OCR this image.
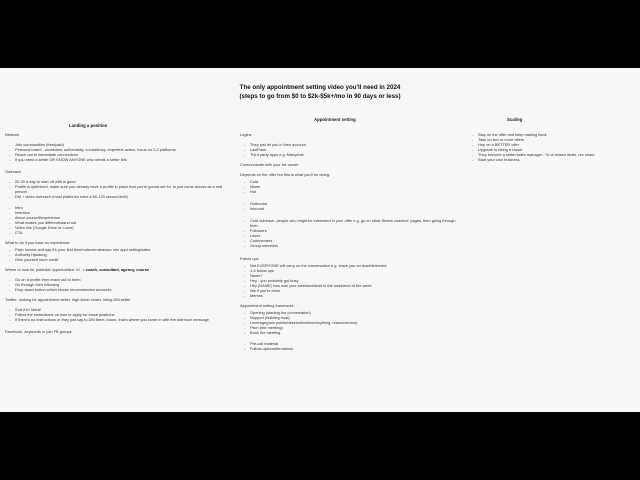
The only appointment setting video you'll need in 2024
(steps to go from $0 to $2k-$5k+/mo in 90 days or less)
Landing a position
Appointment setting	Scaling
Network
- Join communities (free/paid)
- Personal brand - worldview, authenticity, consistency, imperfect action, focus on 1-2 platforms
- Reach out to immediate connections
- If you need a setter OR KNOW ANYONE who needs a setter link
Outreach
- 20-30 a day to start off with is good
- Profile is optimized, make sure you already have a profile in place that you're gonna set for. Is just come across as a real person
- DM + video outreach (most platforms have a 60-120 second limit)
- Intro
- Intention
- About yourself/experience
- What makes you different/stand out
- Video link (Google Drive or Loom)
- CTA
What to do if you have no experience:
- Plain honest and say it's your first time/rodeo/endeavour into appt setting/sales
- Authority hijacking
- Give yourself more credit
Where to look for potential opportunities: IG -> coach, consultant, agency, course
- Go on a profile then reach out to them
- Go through their following
- Drop down button which shows recommended accounts
Twitter- looking for appointment setter, high ticket closer, hiring DM setter
- Sort it to 'latest'
- Follow the instructions on how to apply for those positions
- If there's no instructions or they just say to DM them, boom, that's where you come in with the outreach message
Facebook- keywords or join FB groups
Logins
- They just let you in their account
- LastPass
- Third party apps e.g. Manychat
Communicate with your biz owner
Depends on the offer but this is what you'll be doing:
- Cold
- Warm
- Hot
- Outbound
- Inbound
- Cold outreach- people who might be interested in your offer e.g. go on other fitness coaches' pages, then going through their:
- Followers
- Likers
- Commenters
- Group members
Follow ups
- Not EVERYONE will carry on the conversation e.g. leave you on read/delivered
- 1-4 follow ups
- Name?
- Hey - you probably got busy
- Hey (NAME) how was your weekend/start to the week/end of the week
- link if you're there
- Memes
Appointment setting framework:
- Opening (starting the conversation)
- Rapport (building trust)
- Leverage(pain points/desires/timeline/anything, reason/ammo)
- Pitch (the meeting)
- Book the meeting
- Pre-call material
- Follow-ups/confirmations
- Stay on the offer and keep making bank
- Take on two or more offers
- Hop on a BETTER offer
- Upgrade to being a closer
- They become a setter/sales manager - % of closed deals, rev share
- Start your own business
